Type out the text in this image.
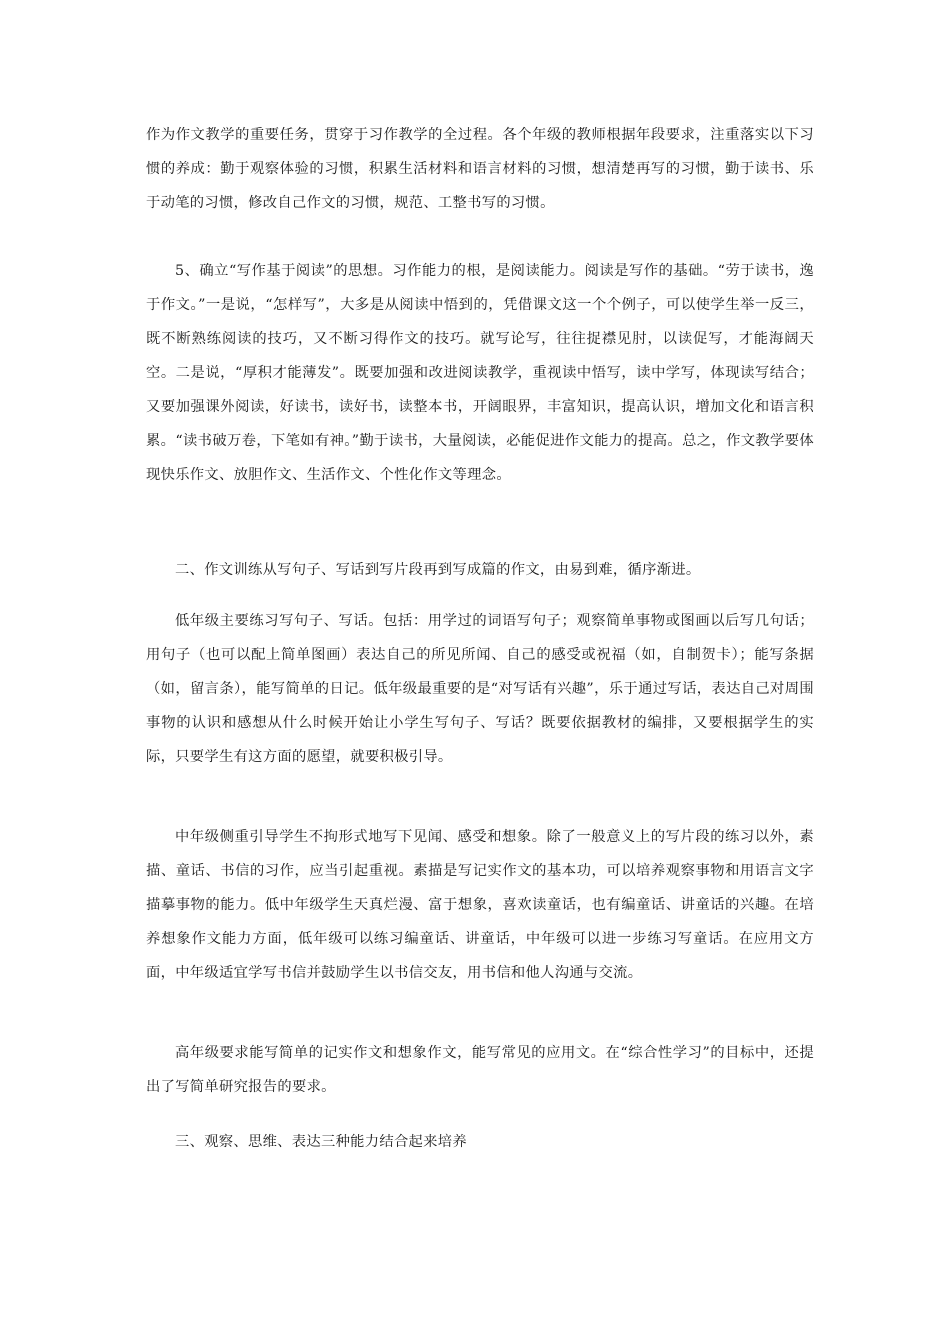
作为作文教学的重要任务，贯穿于习作教学的全过程。各个年级的教师根据年段要求，注重落实以下习惯的养成：勤于观察体验的习惯，积累生活材料和语言材料的习惯，想清楚再写的习惯，勤于读书、乐于动笔的习惯，修改自己作文的习惯，规范、工整书写的习惯。

5、确立“写作基于阅读”的思想。习作能力的根，是阅读能力。阅读是写作的基础。“劳于读书，逸于作文。”一是说，“怎样写”，大多是从阅读中悟到的，凭借课文这一个个例子，可以使学生举一反三，既不断熟练阅读的技巧，又不断习得作文的技巧。就写论写，往往捉襟见肘，以读促写，才能海阔天空。二是说，“厚积才能薄发”。既要加强和改进阅读教学，重视读中悟写，读中学写，体现读写结合；又要加强课外阅读，好读书，读好书，读整本书，开阔眼界，丰富知识，提高认识，增加文化和语言积累。“读书破万卷，下笔如有神。”勤于读书，大量阅读，必能促进作文能力的提高。总之，作文教学要体现快乐作文、放胆作文、生活作文、个性化作文等理念。

二、作文训练从写句子、写话到写片段再到写成篇的作文，由易到难，循序渐进。

低年级主要练习写句子、写话。包括：用学过的词语写句子；观察简单事物或图画以后写几句话；用句子（也可以配上简单图画）表达自己的所见所闻、自己的感受或祝福（如，自制贺卡）；能写条据（如，留言条），能写简单的日记。低年级最重要的是“对写话有兴趣”，乐于通过写话，表达自己对周围事物的认识和感想从什么时候开始让小学生写句子、写话？既要依据教材的编排，又要根据学生的实际，只要学生有这方面的愿望，就要积极引导。

中年级侧重引导学生不拘形式地写下见闻、感受和想象。除了一般意义上的写片段的练习以外，素描、童话、书信的习作，应当引起重视。素描是写记实作文的基本功，可以培养观察事物和用语言文字描摹事物的能力。低中年级学生天真烂漫、富于想象，喜欢读童话，也有编童话、讲童话的兴趣。在培养想象作文能力方面，低年级可以练习编童话、讲童话，中年级可以进一步练习写童话。在应用文方面，中年级适宜学写书信并鼓励学生以书信交友，用书信和他人沟通与交流。

高年级要求能写简单的记实作文和想象作文，能写常见的应用文。在“综合性学习”的目标中，还提出了写简单研究报告的要求。

三、观察、思维、表达三种能力结合起来培养
